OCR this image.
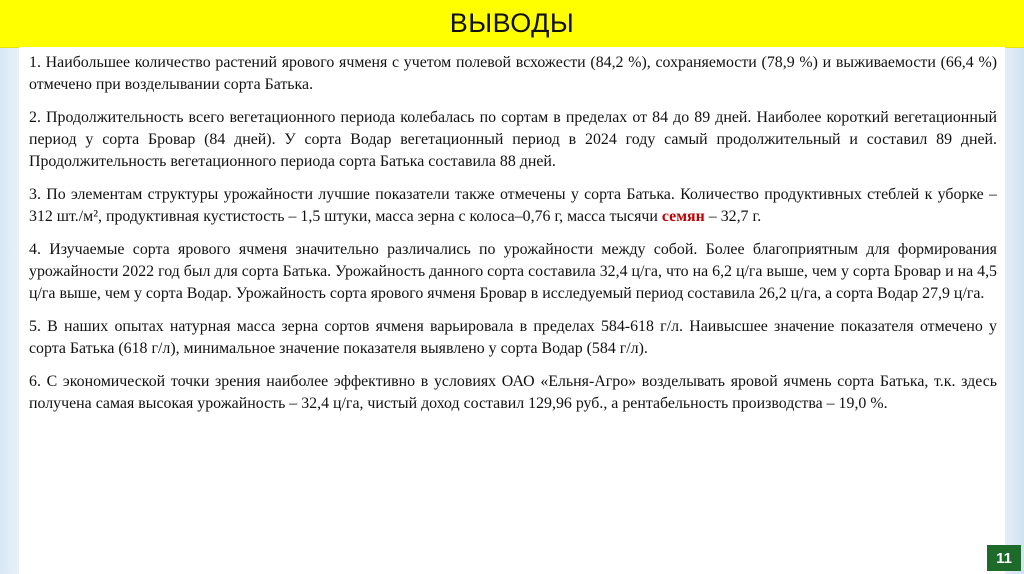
ВЫВОДЫ

1. Наибольшее количество растений ярового ячменя с учетом полевой всхожести (84,2 %), сохраняемости (78,9 %) и выживаемости (66,4 %) отмечено при возделывании сорта Батька.

2. Продолжительность всего вегетационного периода колебалась по сортам в пределах от 84 до 89 дней. Наиболее короткий вегетационный период у сорта Бровар (84 дней). У сорта Водар вегетационный период в 2024 году самый продолжительный и составил 89 дней. Продолжительность вегетационного периода сорта Батька составила 88 дней.

3. По элементам структуры урожайности лучшие показатели также отмечены у сорта Батька. Количество продуктивных стеблей к уборке –312 шт./м², продуктивная кустистость – 1,5 штуки, масса зерна с колоса–0,76 г, масса тысячи семян – 32,7 г.

4. Изучаемые сорта ярового ячменя значительно различались по урожайности между собой. Более благоприятным для формирования урожайности 2022 год был для сорта Батька. Урожайность данного сорта составила 32,4 ц/га, что на 6,2 ц/га выше, чем у сорта Бровар и на 4,5 ц/га выше, чем у сорта Водар. Урожайность сорта ярового ячменя Бровар в исследуемый период составила 26,2 ц/га, а сорта Водар 27,9 ц/га.

5. В наших опытах натурная масса зерна сортов ячменя варьировала в пределах 584-618 г/л. Наивысшее значение показателя отмечено у сорта Батька (618 г/л), минимальное значение показателя выявлено у сорта Водар (584 г/л).

6. С экономической точки зрения наиболее эффективно в условиях ОАО «Ельня-Агро» возделывать яровой ячмень сорта Батька, т.к. здесь получена самая высокая урожайность – 32,4 ц/га, чистый доход составил 129,96 руб., а рентабельность производства – 19,0 %.

11
